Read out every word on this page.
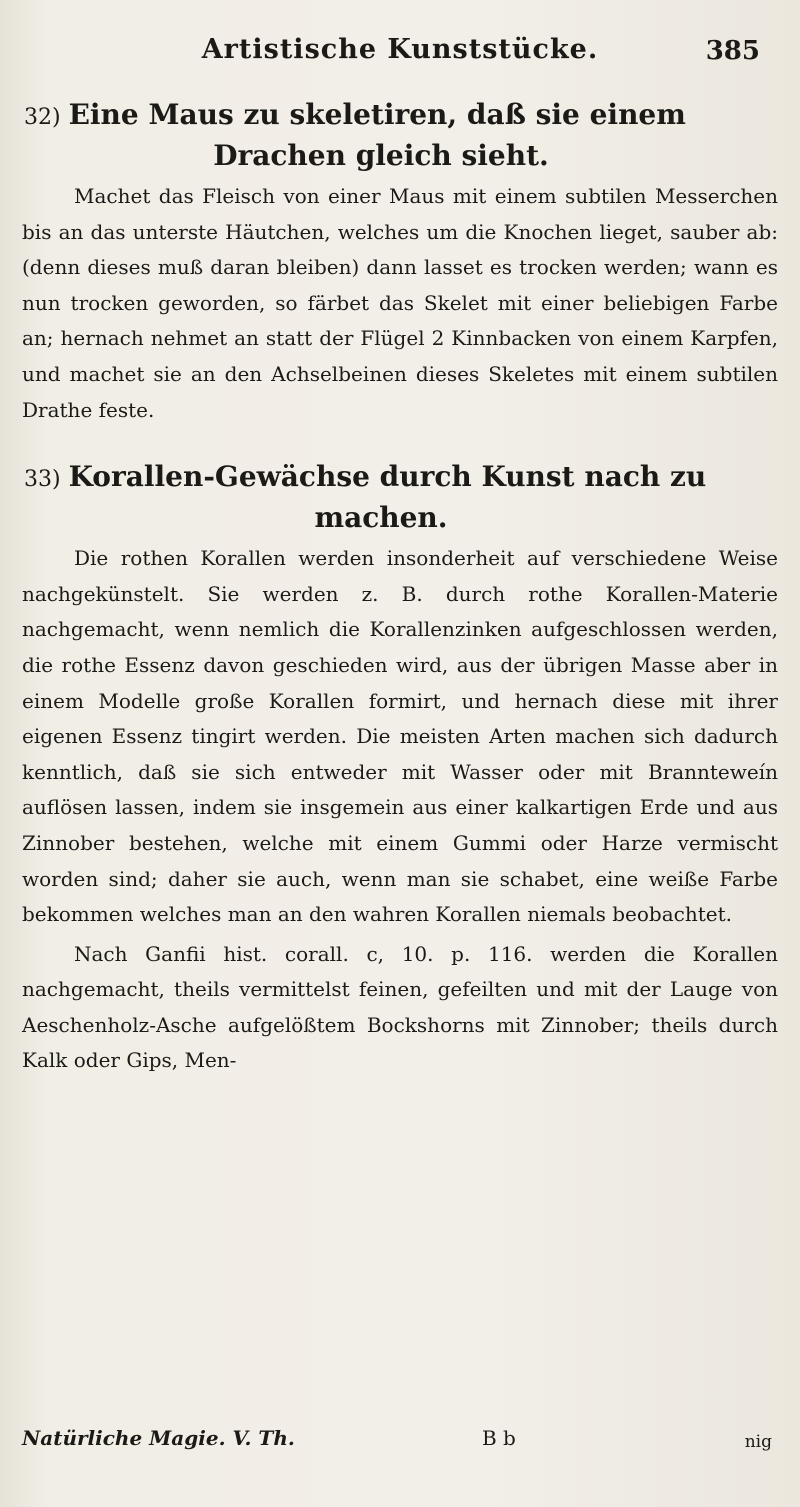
Artistische Kunststücke.	385
32) Eine Maus zu skeletiren, daß sie einem
Drachen gleich sieht.

Machet das Fleisch von einer Maus mit einem subtilen Messerchen bis an das unterste Häutchen, welches um die Knochen lieget, sauber ab: (denn dieses muß daran bleiben) dann lasset es trocken werden; wann es nun trocken geworden, so färbet das Skelet mit einer beliebigen Farbe an; hernach nehmet an statt der Flügel 2 Kinnbacken von einem Karpfen, und machet sie an den Achselbeinen dieses Skeletes mit einem subtilen Drathe feste.

33) Korallen-Gewächse durch Kunst nach zu
machen.

Die rothen Korallen werden insonderheit auf verschiedene Weise nachgekünstelt. Sie werden z. B. durch rothe Korallen-Materie nachgemacht, wenn nemlich die Korallenzinken aufgeschlossen werden, die rothe Essenz davon geschieden wird, aus der übrigen Masse aber in einem Modelle große Korallen formirt, und hernach diese mit ihrer eigenen Essenz tingirt werden. Die meisten Arten machen sich dadurch kenntlich, daß sie sich entweder mit Wasser oder mit Brannteweín auflösen lassen, indem sie insgemein aus einer kalkartigen Erde und aus Zinnober bestehen, welche mit einem Gummi oder Harze vermischt worden sind; daher sie auch, wenn man sie schabet, eine weiße Farbe bekommen welches man an den wahren Korallen niemals beobachtet.

Nach Ganfii hist. corall. c, 10. p. 116. werden die Korallen nachgemacht, theils vermittelst feinen, gefeilten und mit der Lauge von Aeschenholz-Asche aufgelößtem Bockshorns mit Zinnober; theils durch Kalk oder Gips, Men-

Natürliche Magie. V. Th.	B b	nig
